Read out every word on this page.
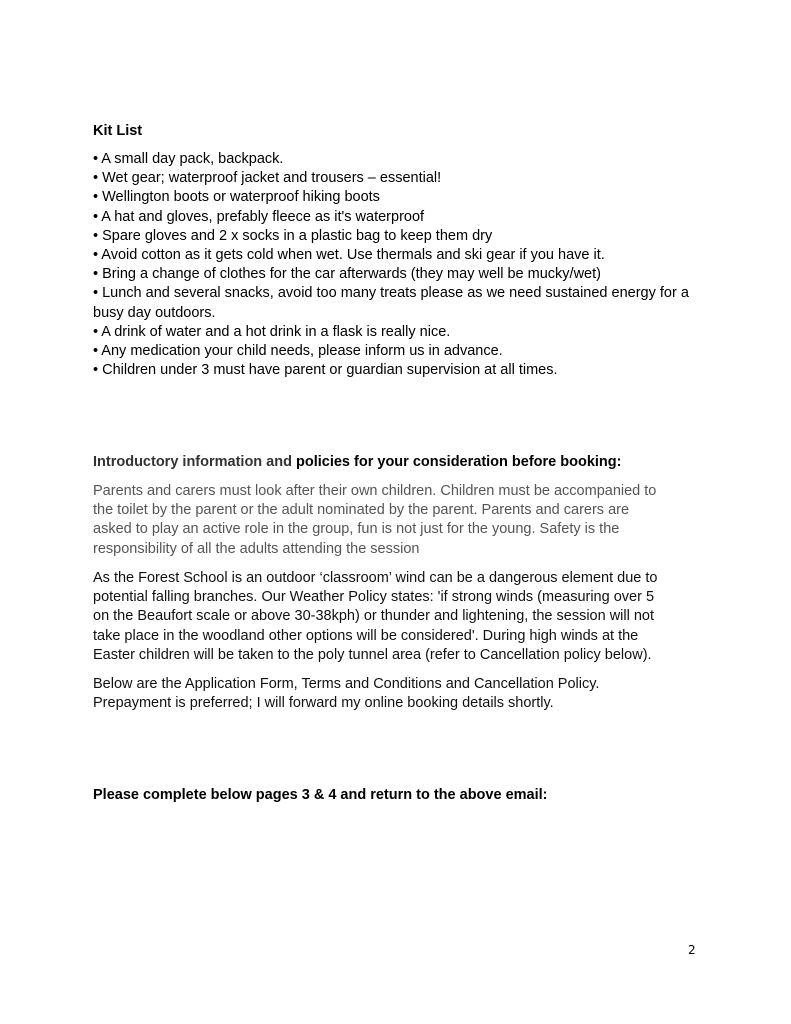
Kit List
• A small day pack, backpack.
• Wet gear; waterproof jacket and trousers – essential!
• Wellington boots or waterproof hiking boots
• A hat and gloves, prefably fleece as it's waterproof
• Spare gloves and 2 x socks in a plastic bag to keep them dry
• Avoid cotton as it gets cold when wet. Use thermals and ski gear if you have it.
• Bring a change of clothes for the car afterwards (they may well be mucky/wet)
• Lunch and several snacks, avoid too many treats please as we need sustained energy for a busy day outdoors.
• A drink of water and a hot drink in a flask is really nice.
• Any medication your child needs, please inform us in advance.
• Children under 3 must have parent or guardian supervision at all times.
Introductory information and policies for your consideration before booking:
Parents and carers must look after their own children. Children must be accompanied to
the toilet by the parent or the adult nominated by the parent. Parents and carers are
asked to play an active role in the group, fun is not just for the young. Safety is the
responsibility of all the adults attending the session
As the Forest School is an outdoor ‘classroom’ wind can be a dangerous element due to
potential falling branches. Our Weather Policy states: 'if strong winds (measuring over 5
on the Beaufort scale or above 30-38kph) or thunder and lightening, the session will not
take place in the woodland other options will be considered'. During high winds at the
Easter children will be taken to the poly tunnel area (refer to Cancellation policy below).
Below are the Application Form, Terms and Conditions and Cancellation Policy.
Prepayment is preferred; I will forward my online booking details shortly.
Please complete below pages 3 & 4 and return to the above email:
2
